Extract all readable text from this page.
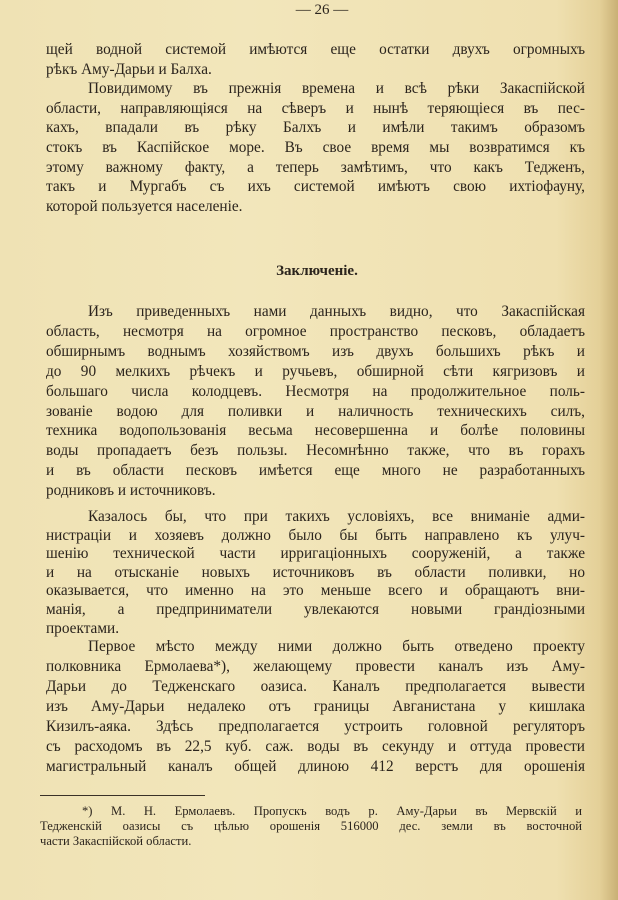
— 26 —
щей водной системой имѣются еще остатки двухъ огромныхъ
рѣкъ Аму-Дарьи и Балха.
Повидимому въ прежнія времена и всѣ рѣки Закаспійской
области, направляющіяся на сѣверъ и нынѣ теряющіеся въ пес-
кахъ, впадали въ рѣку Балхъ и имѣли такимъ образомъ
стокъ въ Каспійское море. Въ свое время мы возвратимся къ
этому важному факту, а теперь замѣтимъ, что какъ Тедженъ,
такъ и Мургабъ съ ихъ системой имѣютъ свою ихтіофауну,
которой пользуется населеніе.
Заключеніе.
Изъ приведенныхъ нами данныхъ видно, что Закаспійская
область, несмотря на огромное пространство песковъ, обладаетъ
обширнымъ воднымъ хозяйствомъ изъ двухъ большихъ рѣкъ и
до 90 мелкихъ рѣчекъ и ручьевъ, обширной сѣти кягризовъ и
большаго числа колодцевъ. Несмотря на продолжительное поль-
зованіе водою для поливки и наличность техническихъ силъ,
техника водопользованія весьма несовершенна и болѣе половины
воды пропадаетъ безъ пользы. Несомнѣнно также, что въ горахъ
и въ области песковъ имѣется еще много не разработанныхъ
родниковъ и источниковъ.
Казалось бы, что при такихъ условіяхъ, все вниманіе адми-
нистраціи и хозяевъ должно было бы быть направлено къ улуч-
шенію технической части ирригаціонныхъ сооруженій, а также
и на отысканіе новыхъ источниковъ въ области поливки, но
оказывается, что именно на это меньше всего и обращаютъ вни-
манія, а предприниматели увлекаются новыми грандіозными
проектами.
Первое мѣсто между ними должно быть отведено проекту
полковника Ермолаева*), желающему провести каналъ изъ Аму-
Дарьи до Тедженскаго оазиса. Каналъ предполагается вывести
изъ Аму-Дарьи недалеко отъ границы Авганистана у кишлака
Кизилъ-аяка. Здѣсь предполагается устроить головной регуляторъ
съ расходомъ въ 22,5 куб. саж. воды въ секунду и оттуда провести
магистральный каналъ общей длиною 412 верстъ для орошенія
*) М. Н. Ермолаевъ. Пропускъ водъ р. Аму-Дарьи въ Мервскій и
Тедженскій оазисы съ цѣлью орошенія 516000 дес. земли въ восточной
части Закаспійской области.
